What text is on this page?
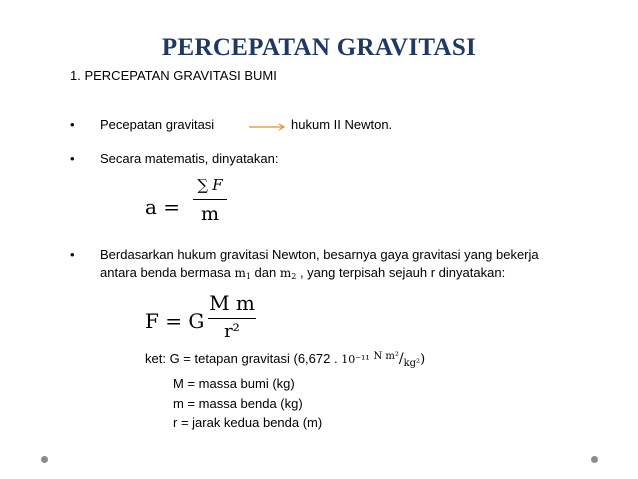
PERCEPATAN GRAVITASI
1. PERCEPATAN GRAVITASI BUMI
• Pecepatan gravitasi	hukum II Newton.
• Secara matematis, dinyatakan:
a =
∑ F
m
• Berdasarkan hukum gravitasi Newton, besarnya gaya gravitasi yang bekerja
antara benda bermasa $m_1$ dan $m_2$ , yang terpisah sejauh r dinyatakan:
F = G
M m
r²
ket: G = tetapan gravitasi (6,672 . 10⁻¹¹ $^{N m^2}/_{kg^2}$)
M = massa bumi (kg)
m = massa benda (kg)
r = jarak kedua benda (m)
